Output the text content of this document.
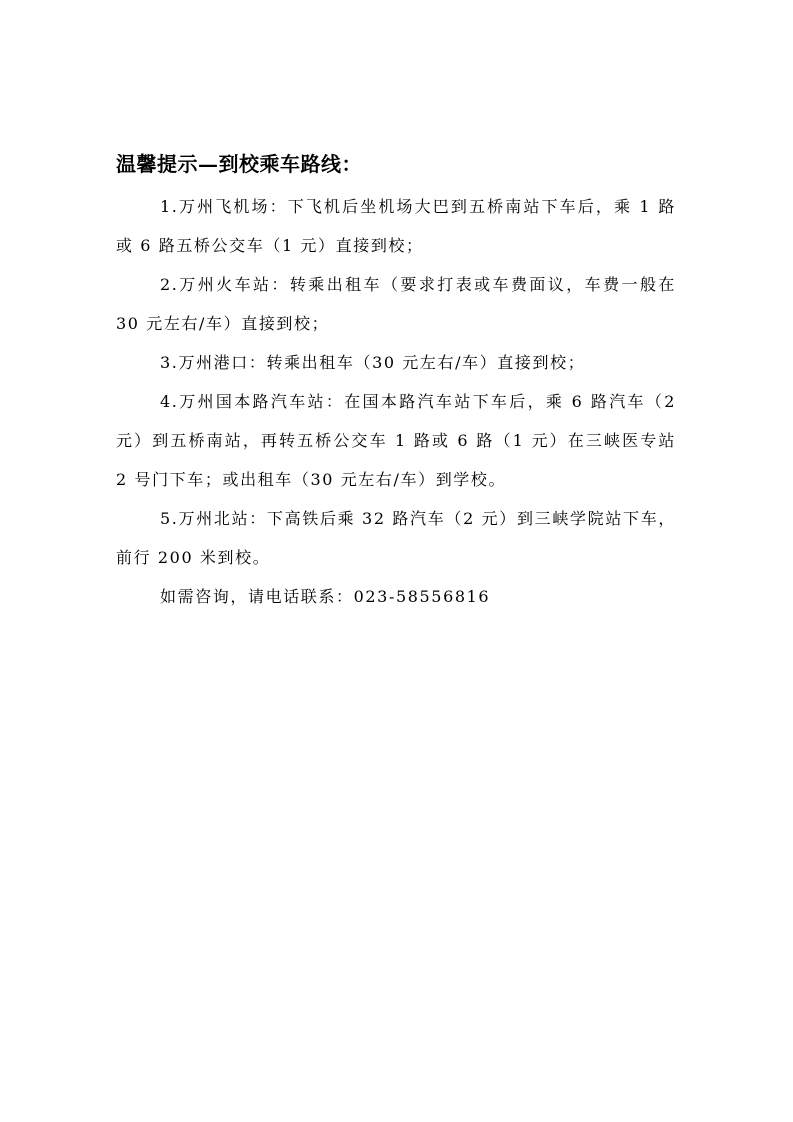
温馨提示—到校乘车路线：

1.万州飞机场：下飞机后坐机场大巴到五桥南站下车后，乘 1 路或 6 路五桥公交车（1 元）直接到校；

2.万州火车站：转乘出租车（要求打表或车费面议，车费一般在 30 元左右/车）直接到校；

3.万州港口：转乘出租车（30 元左右/车）直接到校；

4.万州国本路汽车站：在国本路汽车站下车后，乘 6 路汽车（2 元）到五桥南站，再转五桥公交车 1 路或 6 路（1 元）在三峡医专站 2 号门下车；或出租车（30 元左右/车）到学校。

5.万州北站：下高铁后乘 32 路汽车（2 元）到三峡学院站下车，前行 200 米到校。

如需咨询，请电话联系：023-58556816
